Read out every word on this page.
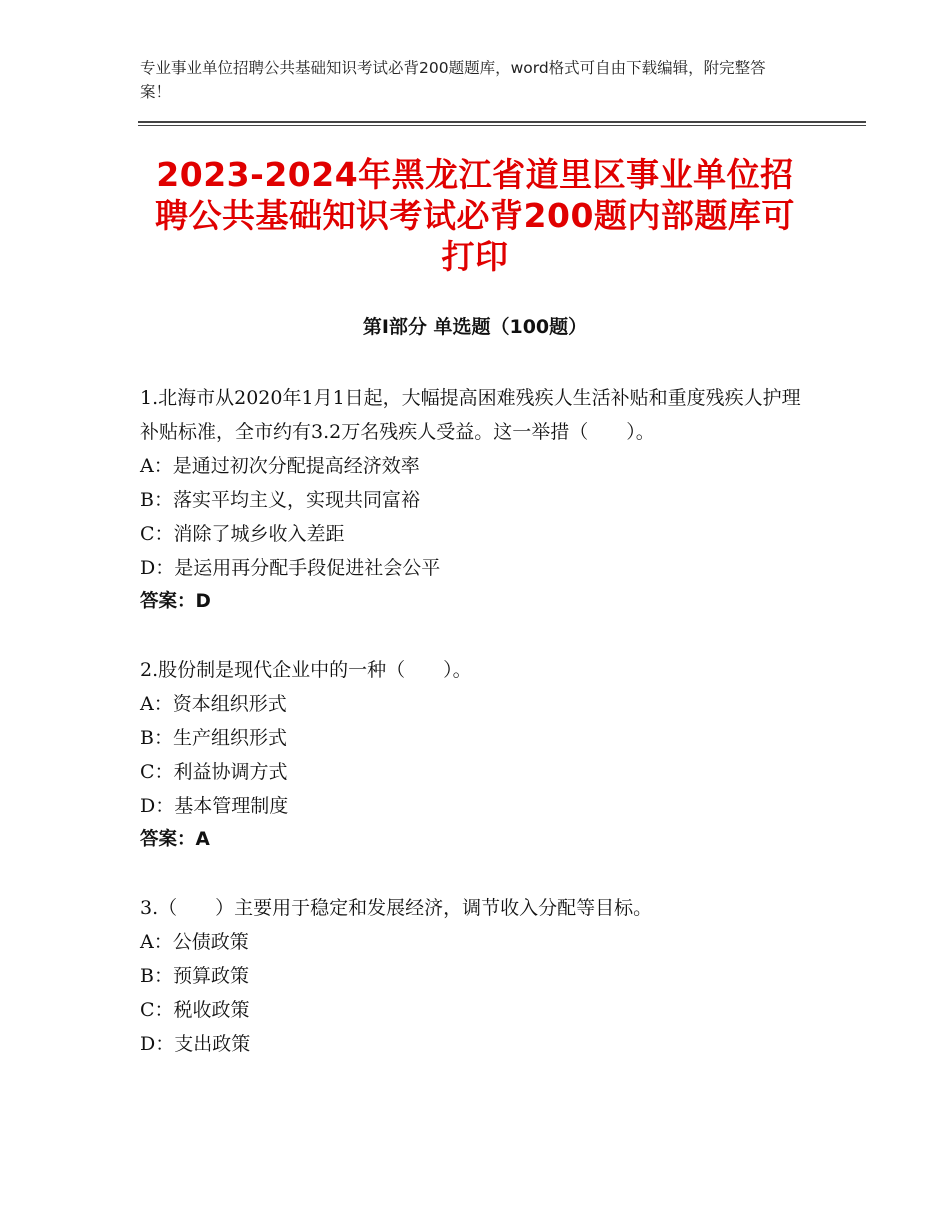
专业事业单位招聘公共基础知识考试必背200题题库，word格式可自由下载编辑，附完整答案！
2023-2024年黑龙江省道里区事业单位招聘公共基础知识考试必背200题内部题库可打印
第Ⅰ部分 单选题（100题）

1.北海市从2020年1月1日起，大幅提高困难残疾人生活补贴和重度残疾人护理补贴标准，全市约有3.2万名残疾人受益。这一举措（　　）。

A：是通过初次分配提高经济效率

B：落实平均主义，实现共同富裕

C：消除了城乡收入差距

D：是运用再分配手段促进社会公平

答案：D

2.股份制是现代企业中的一种（　　）。

A：资本组织形式

B：生产组织形式

C：利益协调方式

D：基本管理制度

答案：A

3.（　　）主要用于稳定和发展经济，调节收入分配等目标。

A：公债政策

B：预算政策

C：税收政策

D：支出政策
